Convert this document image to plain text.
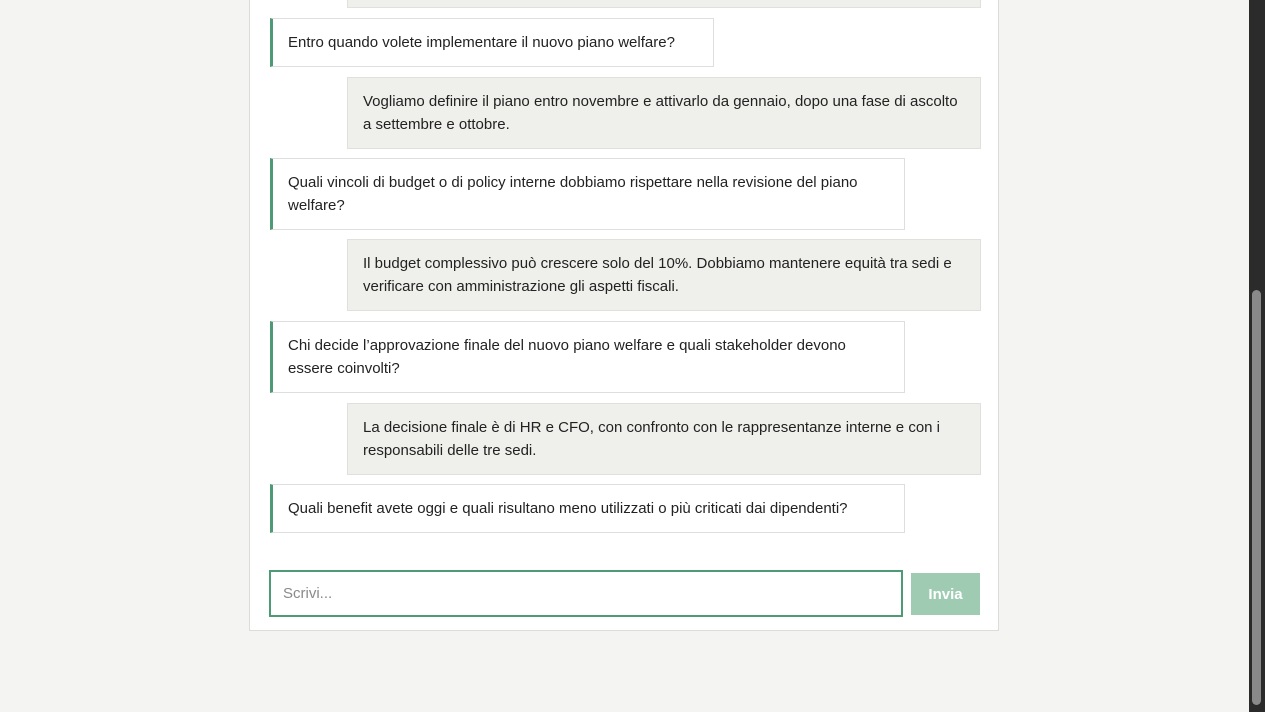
Entro quando volete implementare il nuovo piano welfare?
Vogliamo definire il piano entro novembre e attivarlo da gennaio, dopo una fase di ascolto a settembre e ottobre.
Quali vincoli di budget o di policy interne dobbiamo rispettare nella revisione del piano welfare?
Il budget complessivo può crescere solo del 10%. Dobbiamo mantenere equità tra sedi e verificare con amministrazione gli aspetti fiscali.
Chi decide l’approvazione finale del nuovo piano welfare e quali stakeholder devono essere coinvolti?
La decisione finale è di HR e CFO, con confronto con le rappresentanze interne e con i responsabili delle tre sedi.
Quali benefit avete oggi e quali risultano meno utilizzati o più criticati dai dipendenti?
Scrivi...
Invia
